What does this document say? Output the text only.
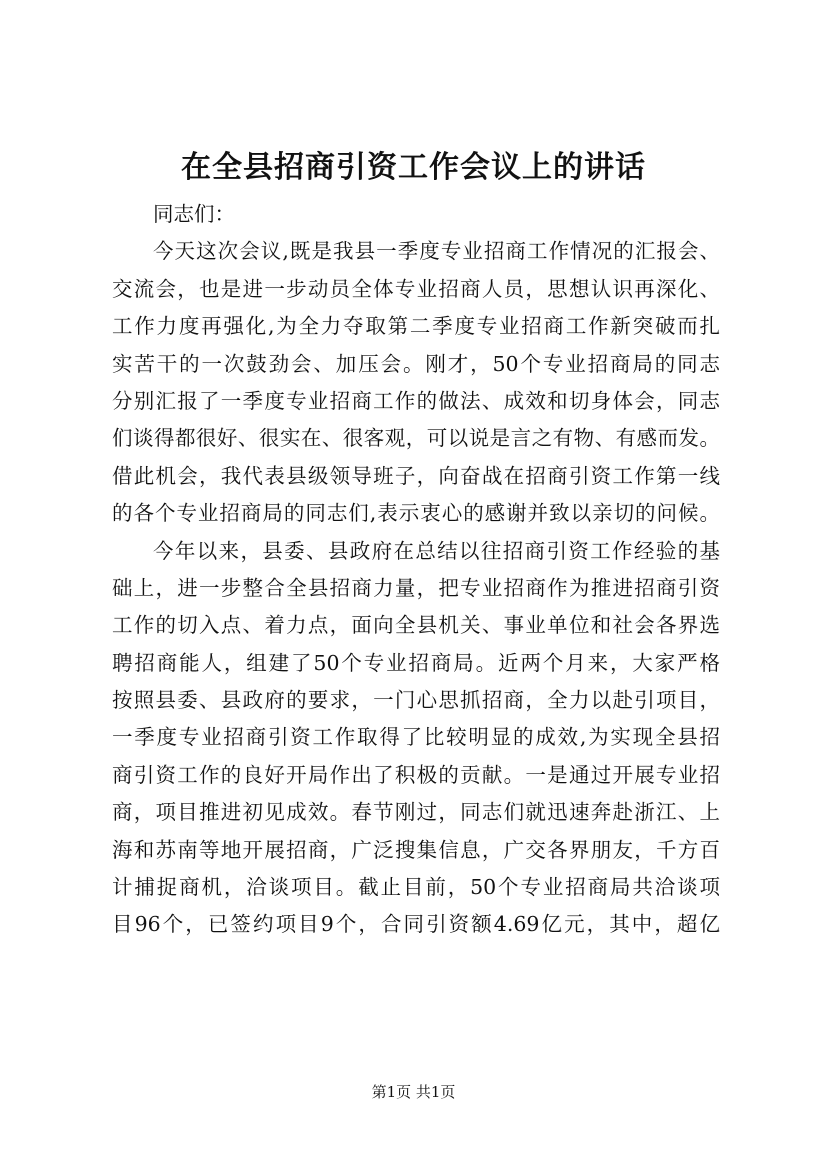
在全县招商引资工作会议上的讲话
同志们：
今天这次会议,既是我县一季度专业招商工作情况的汇报会、
交流会，也是进一步动员全体专业招商人员，思想认识再深化、
工作力度再强化,为全力夺取第二季度专业招商工作新突破而扎
实苦干的一次鼓劲会、加压会。刚才，50个专业招商局的同志
分别汇报了一季度专业招商工作的做法、成效和切身体会，同志
们谈得都很好、很实在、很客观，可以说是言之有物、有感而发。
借此机会，我代表县级领导班子，向奋战在招商引资工作第一线
的各个专业招商局的同志们,表示衷心的感谢并致以亲切的问候。
今年以来，县委、县政府在总结以往招商引资工作经验的基
础上，进一步整合全县招商力量，把专业招商作为推进招商引资
工作的切入点、着力点，面向全县机关、事业单位和社会各界选
聘招商能人，组建了50个专业招商局。近两个月来，大家严格
按照县委、县政府的要求，一门心思抓招商，全力以赴引项目，
一季度专业招商引资工作取得了比较明显的成效,为实现全县招
商引资工作的良好开局作出了积极的贡献。一是通过开展专业招
商，项目推进初见成效。春节刚过，同志们就迅速奔赴浙江、上
海和苏南等地开展招商，广泛搜集信息，广交各界朋友，千方百
计捕捉商机，洽谈项目。截止目前，50个专业招商局共洽谈项
目96个，已签约项目9个，合同引资额4.69亿元，其中，超亿
第1页 共1页
